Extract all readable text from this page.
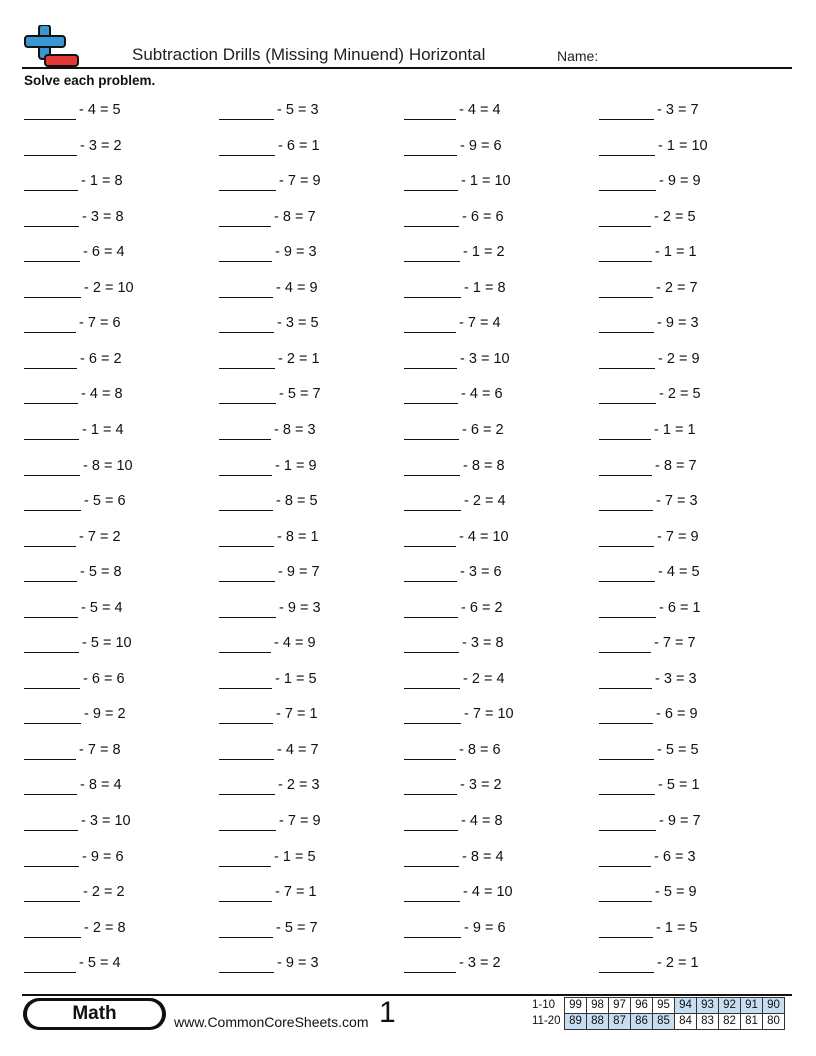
Subtraction Drills (Missing Minuend) Horizontal	Name:
Solve each problem.
- 4 = 5	- 5 = 3	- 4 = 4	- 3 = 7
- 3 = 2	- 6 = 1	- 9 = 6	- 1 = 10
- 1 = 8	- 7 = 9	- 1 = 10	- 9 = 9
- 3 = 8	- 8 = 7	- 6 = 6	- 2 = 5
- 6 = 4	- 9 = 3	- 1 = 2	- 1 = 1
- 2 = 10	- 4 = 9	- 1 = 8	- 2 = 7
- 7 = 6	- 3 = 5	- 7 = 4	- 9 = 3
- 6 = 2	- 2 = 1	- 3 = 10	- 2 = 9
- 4 = 8	- 5 = 7	- 4 = 6	- 2 = 5
- 1 = 4	- 8 = 3	- 6 = 2	- 1 = 1
- 8 = 10	- 1 = 9	- 8 = 8	- 8 = 7
- 5 = 6	- 8 = 5	- 2 = 4	- 7 = 3
- 7 = 2	- 8 = 1	- 4 = 10	- 7 = 9
- 5 = 8	- 9 = 7	- 3 = 6	- 4 = 5
- 5 = 4	- 9 = 3	- 6 = 2	- 6 = 1
- 5 = 10	- 4 = 9	- 3 = 8	- 7 = 7
- 6 = 6	- 1 = 5	- 2 = 4	- 3 = 3
- 9 = 2	- 7 = 1	- 7 = 10	- 6 = 9
- 7 = 8	- 4 = 7	- 8 = 6	- 5 = 5
- 8 = 4	- 2 = 3	- 3 = 2	- 5 = 1
- 3 = 10	- 7 = 9	- 4 = 8	- 9 = 7
- 9 = 6	- 1 = 5	- 8 = 4	- 6 = 3
- 2 = 2	- 7 = 1	- 4 = 10	- 5 = 9
- 2 = 8	- 5 = 7	- 9 = 6	- 1 = 5
- 5 = 4	- 9 = 3	- 3 = 2	- 2 = 1
Math	www.CommonCoreSheets.com 1	1-10	99	98	97	96	95	94	93	92	91	90
11-20	89	88	87	86	85	84	83	82	81	80
